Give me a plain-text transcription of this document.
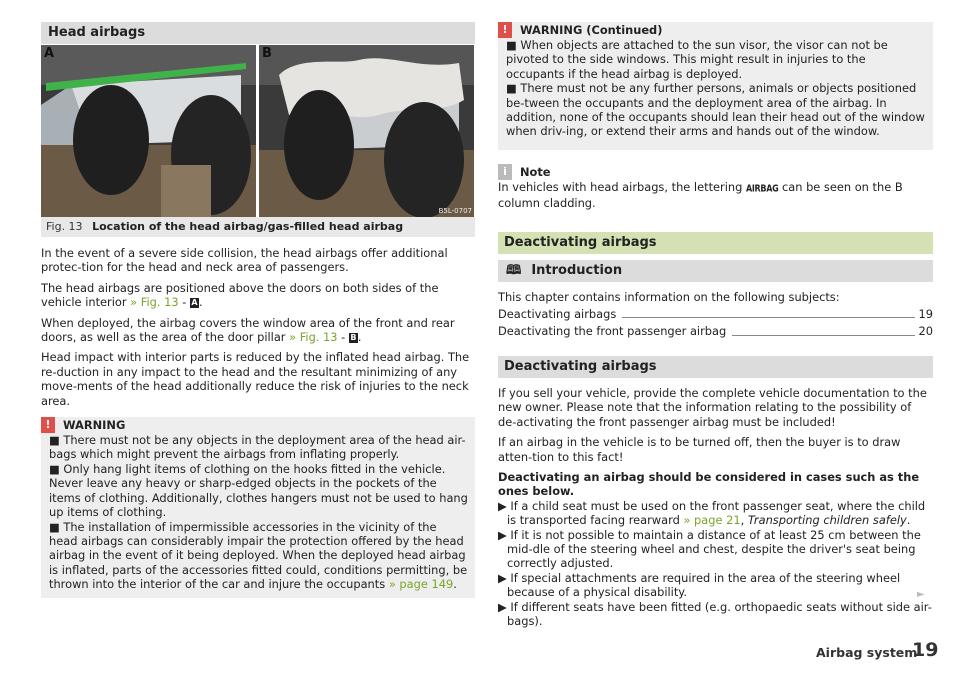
Head airbags
A	B
B5L-0707
Fig. 13 Location of the head airbag/gas-filled head airbag

In the event of a severe side collision, the head airbags offer additional protec-tion for the head and neck area of passengers.

The head airbags are positioned above the doors on both sides of the vehicle interior » Fig. 13 - A.

When deployed, the airbag covers the window area of the front and rear doors, as well as the area of the door pillar » Fig. 13 - B.

Head impact with interior parts is reduced by the inflated head airbag. The re-duction in any impact to the head and the resultant minimizing of any move-ments of the head additionally reduce the risk of injuries to the neck area.

!	WARNING

■ There must not be any objects in the deployment area of the head air-bags which might prevent the airbags from inflating properly.

■ Only hang light items of clothing on the hooks fitted in the vehicle. Never leave any heavy or sharp-edged objects in the pockets of the items of clothing. Additionally, clothes hangers must not be used to hang up items of clothing.

■ The installation of impermissible accessories in the vicinity of the head airbags can considerably impair the protection offered by the head airbag in the event of it being deployed. When the deployed head airbag is inflated, parts of the accessories fitted could, conditions permitting, be thrown into the interior of the car and injure the occupants » page 149.

!	WARNING (Continued)

■ When objects are attached to the sun visor, the visor can not be pivoted to the side windows. This might result in injuries to the occupants if the head airbag is deployed.

■ There must not be any further persons, animals or objects positioned be-tween the occupants and the deployment area of the airbag. In addition, none of the occupants should lean their head out of the window when driv-ing, or extend their arms and hands out of the window.

i	Note

In vehicles with head airbags, the lettering AIRBAG can be seen on the B column cladding.

Deactivating airbags
🕮 Introduction

This chapter contains information on the following subjects:

Deactivating airbags	19
Deactivating the front passenger airbag	20
Deactivating airbags

If you sell your vehicle, provide the complete vehicle documentation to the new owner. Please note that the information relating to the possibility of de-activating the front passenger airbag must be included!

If an airbag in the vehicle is to be turned off, then the buyer is to draw atten-tion to this fact!

Deactivating an airbag should be considered in cases such as the ones below.

▶ If a child seat must be used on the front passenger seat, where the child is transported facing rearward » page 21, Transporting children safely.

▶ If it is not possible to maintain a distance of at least 25 cm between the mid-dle of the steering wheel and chest, despite the driver's seat being correctly adjusted.

▶ If special attachments are required in the area of the steering wheel because of a physical disability.

▶ If different seats have been fitted (e.g. orthopaedic seats without side air-bags).

►
Airbag system
19
